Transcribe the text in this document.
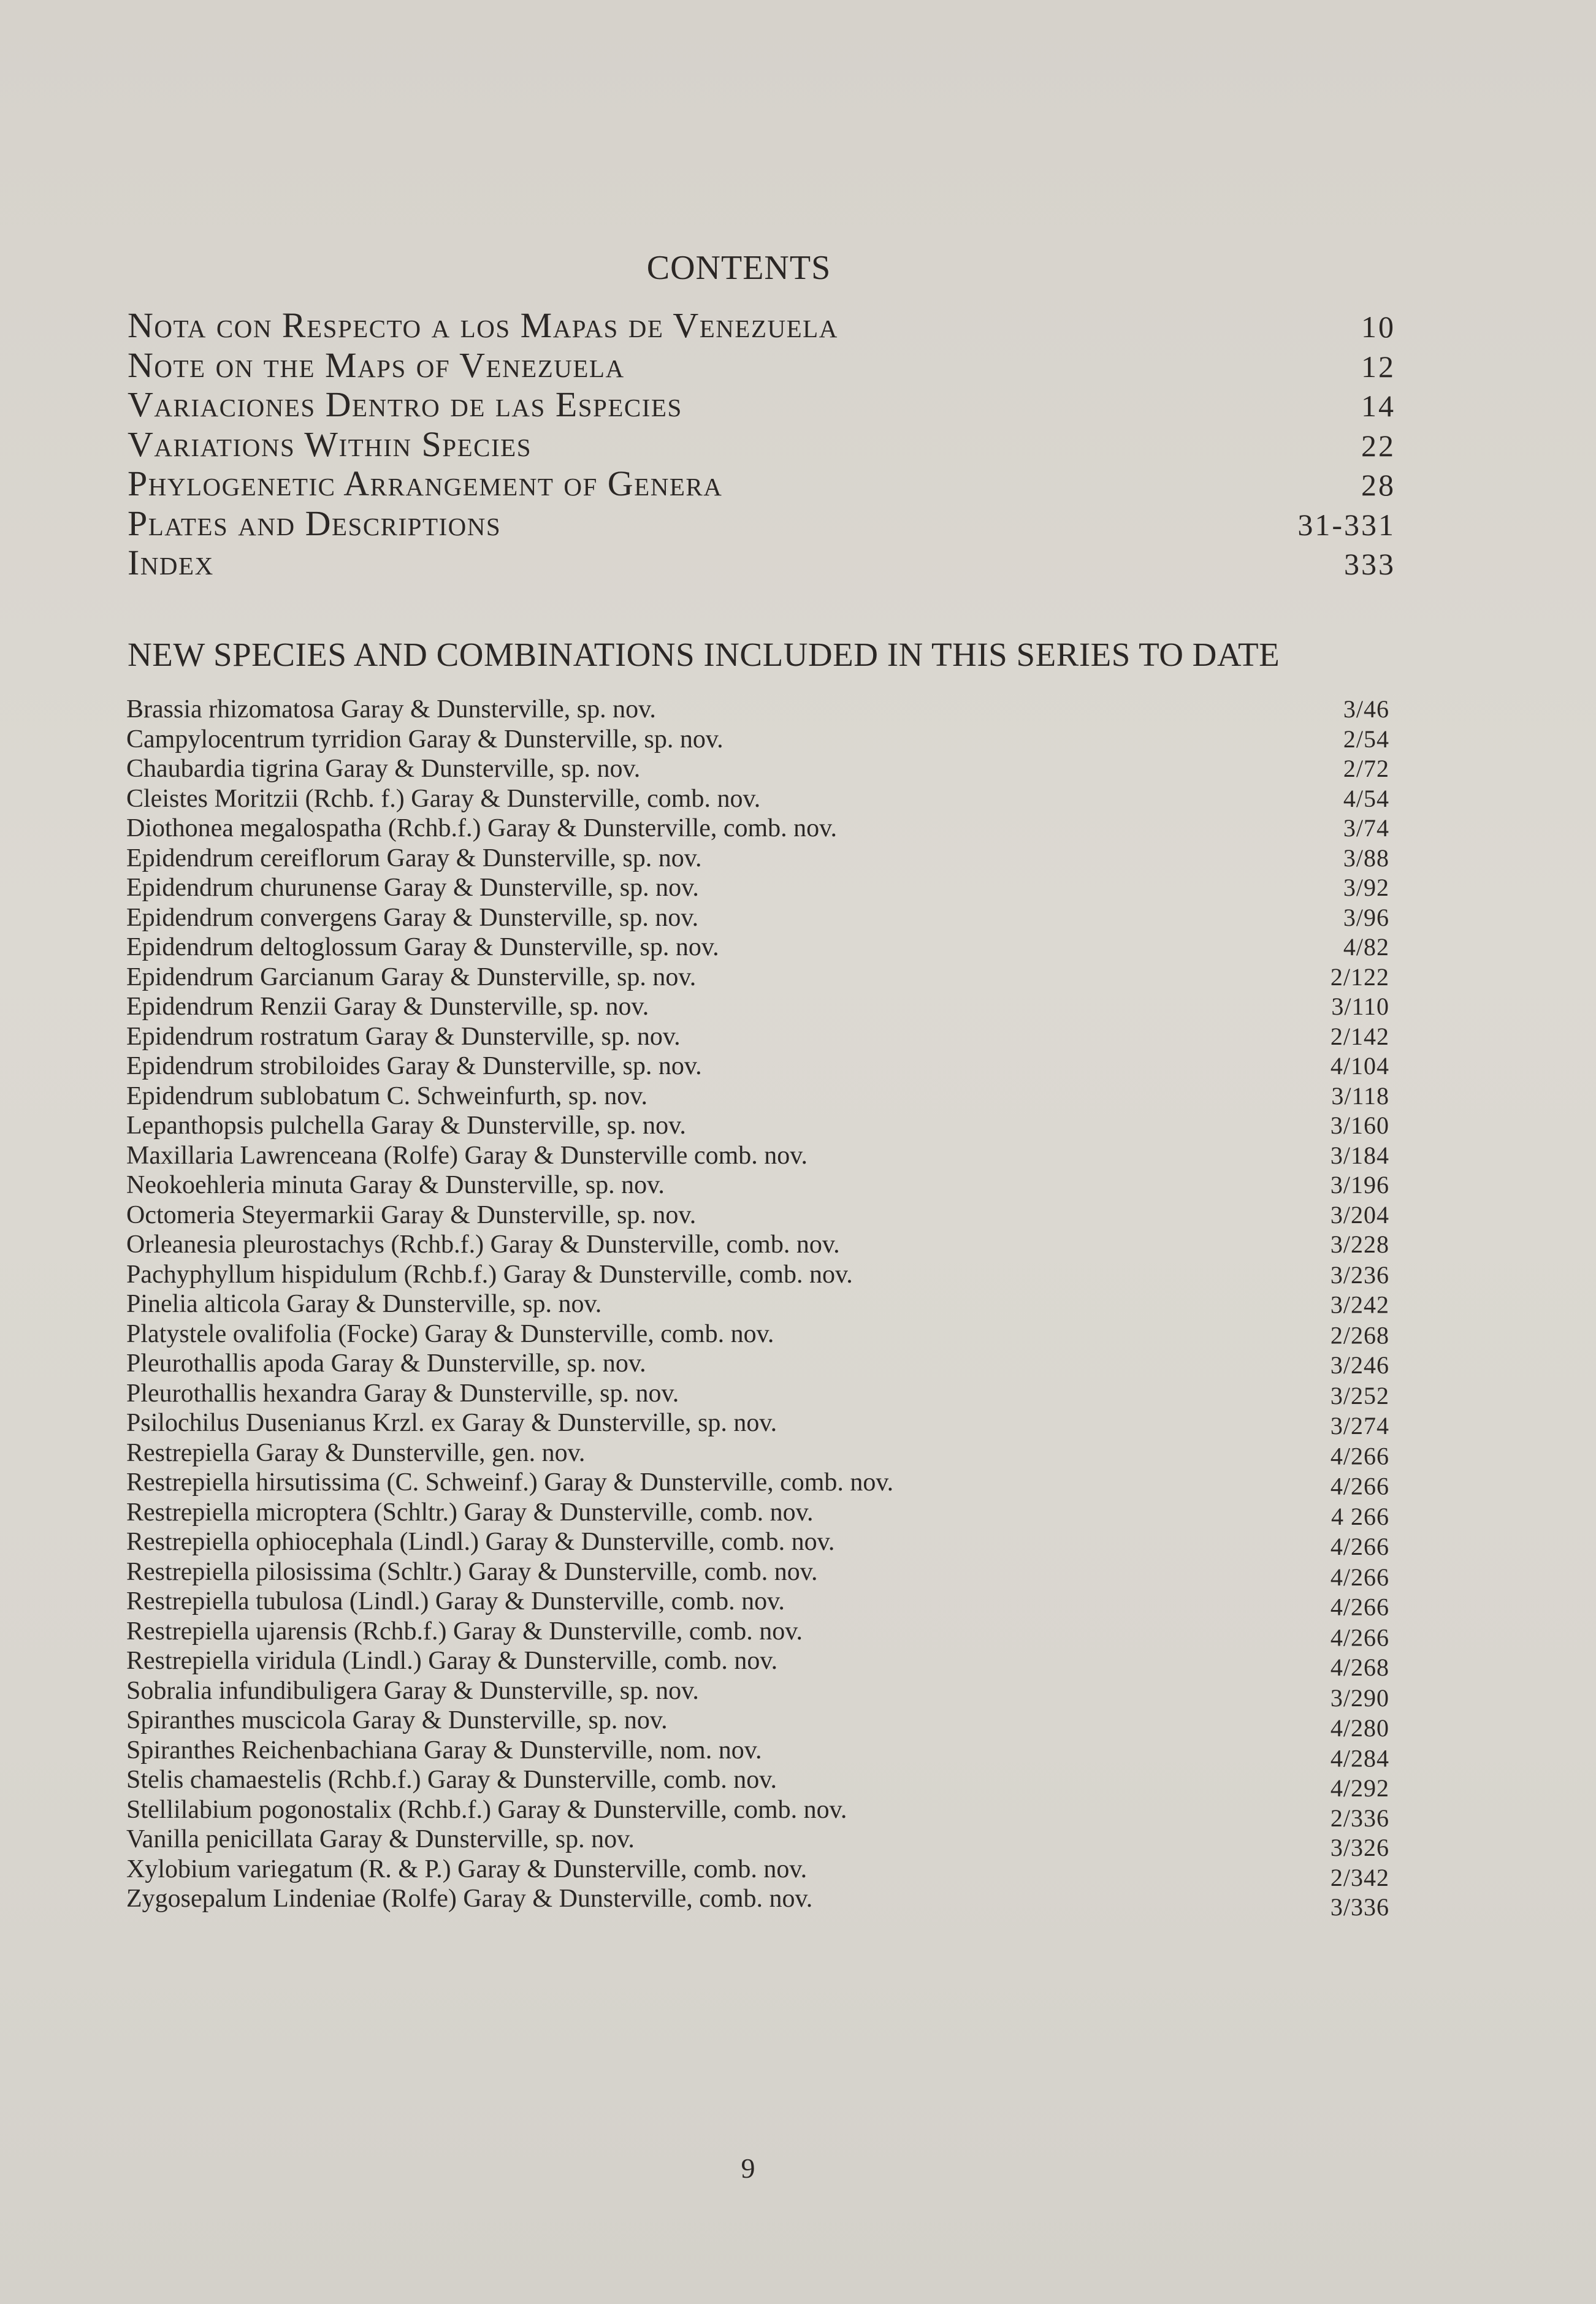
CONTENTS
Nota con Respecto a los Mapas de Venezuela	10
Note on the Maps of Venezuela	12
Variaciones Dentro de las Especies	14
Variations Within Species	22
Phylogenetic Arrangement of Genera	28
Plates and Descriptions	31-331
Index	333
NEW SPECIES AND COMBINATIONS INCLUDED IN THIS SERIES TO DATE
Brassia rhizomatosa Garay & Dunsterville, sp. nov.	3/46
Campylocentrum tyrridion Garay & Dunsterville, sp. nov.	2/54
Chaubardia tigrina Garay & Dunsterville, sp. nov.	2/72
Cleistes Moritzii (Rchb. f.) Garay & Dunsterville, comb. nov.	4/54
Diothonea megalospatha (Rchb.f.) Garay & Dunsterville, comb. nov.	3/74
Epidendrum cereiflorum Garay & Dunsterville, sp. nov.	3/88
Epidendrum churunense Garay & Dunsterville, sp. nov.	3/92
Epidendrum convergens Garay & Dunsterville, sp. nov.	3/96
Epidendrum deltoglossum Garay & Dunsterville, sp. nov.	4/82
Epidendrum Garcianum Garay & Dunsterville, sp. nov.	2/122
Epidendrum Renzii Garay & Dunsterville, sp. nov.	3/110
Epidendrum rostratum Garay & Dunsterville, sp. nov.	2/142
Epidendrum strobiloides Garay & Dunsterville, sp. nov.	4/104
Epidendrum sublobatum C. Schweinfurth, sp. nov.	3/118
Lepanthopsis pulchella Garay & Dunsterville, sp. nov.	3/160
Maxillaria Lawrenceana (Rolfe) Garay & Dunsterville comb. nov.	3/184
Neokoehleria minuta Garay & Dunsterville, sp. nov.	3/196
Octomeria Steyermarkii Garay & Dunsterville, sp. nov.	3/204
Orleanesia pleurostachys (Rchb.f.) Garay & Dunsterville, comb. nov.	3/228
Pachyphyllum hispidulum (Rchb.f.) Garay & Dunsterville, comb. nov.	3/236
Pinelia alticola Garay & Dunsterville, sp. nov.	3/242
Platystele ovalifolia (Focke) Garay & Dunsterville, comb. nov.	2/268
Pleurothallis apoda Garay & Dunsterville, sp. nov.	3/246
Pleurothallis hexandra Garay & Dunsterville, sp. nov.	3/252
Psilochilus Dusenianus Krzl. ex Garay & Dunsterville, sp. nov.	3/274
Restrepiella Garay & Dunsterville, gen. nov.	4/266
Restrepiella hirsutissima (C. Schweinf.) Garay & Dunsterville, comb. nov.	4/266
Restrepiella microptera (Schltr.) Garay & Dunsterville, comb. nov.	4 266
Restrepiella ophiocephala (Lindl.) Garay & Dunsterville, comb. nov.	4/266
Restrepiella pilosissima (Schltr.) Garay & Dunsterville, comb. nov.	4/266
Restrepiella tubulosa (Lindl.) Garay & Dunsterville, comb. nov.	4/266
Restrepiella ujarensis (Rchb.f.) Garay & Dunsterville, comb. nov.	4/266
Restrepiella viridula (Lindl.) Garay & Dunsterville, comb. nov.	4/268
Sobralia infundibuligera Garay & Dunsterville, sp. nov.	3/290
Spiranthes muscicola Garay & Dunsterville, sp. nov.	4/280
Spiranthes Reichenbachiana Garay & Dunsterville, nom. nov.	4/284
Stelis chamaestelis (Rchb.f.) Garay & Dunsterville, comb. nov.	4/292
Stellilabium pogonostalix (Rchb.f.) Garay & Dunsterville, comb. nov.	2/336
Vanilla penicillata Garay & Dunsterville, sp. nov.	3/326
Xylobium variegatum (R. & P.) Garay & Dunsterville, comb. nov.	2/342
Zygosepalum Lindeniae (Rolfe) Garay & Dunsterville, comb. nov.	3/336
9
